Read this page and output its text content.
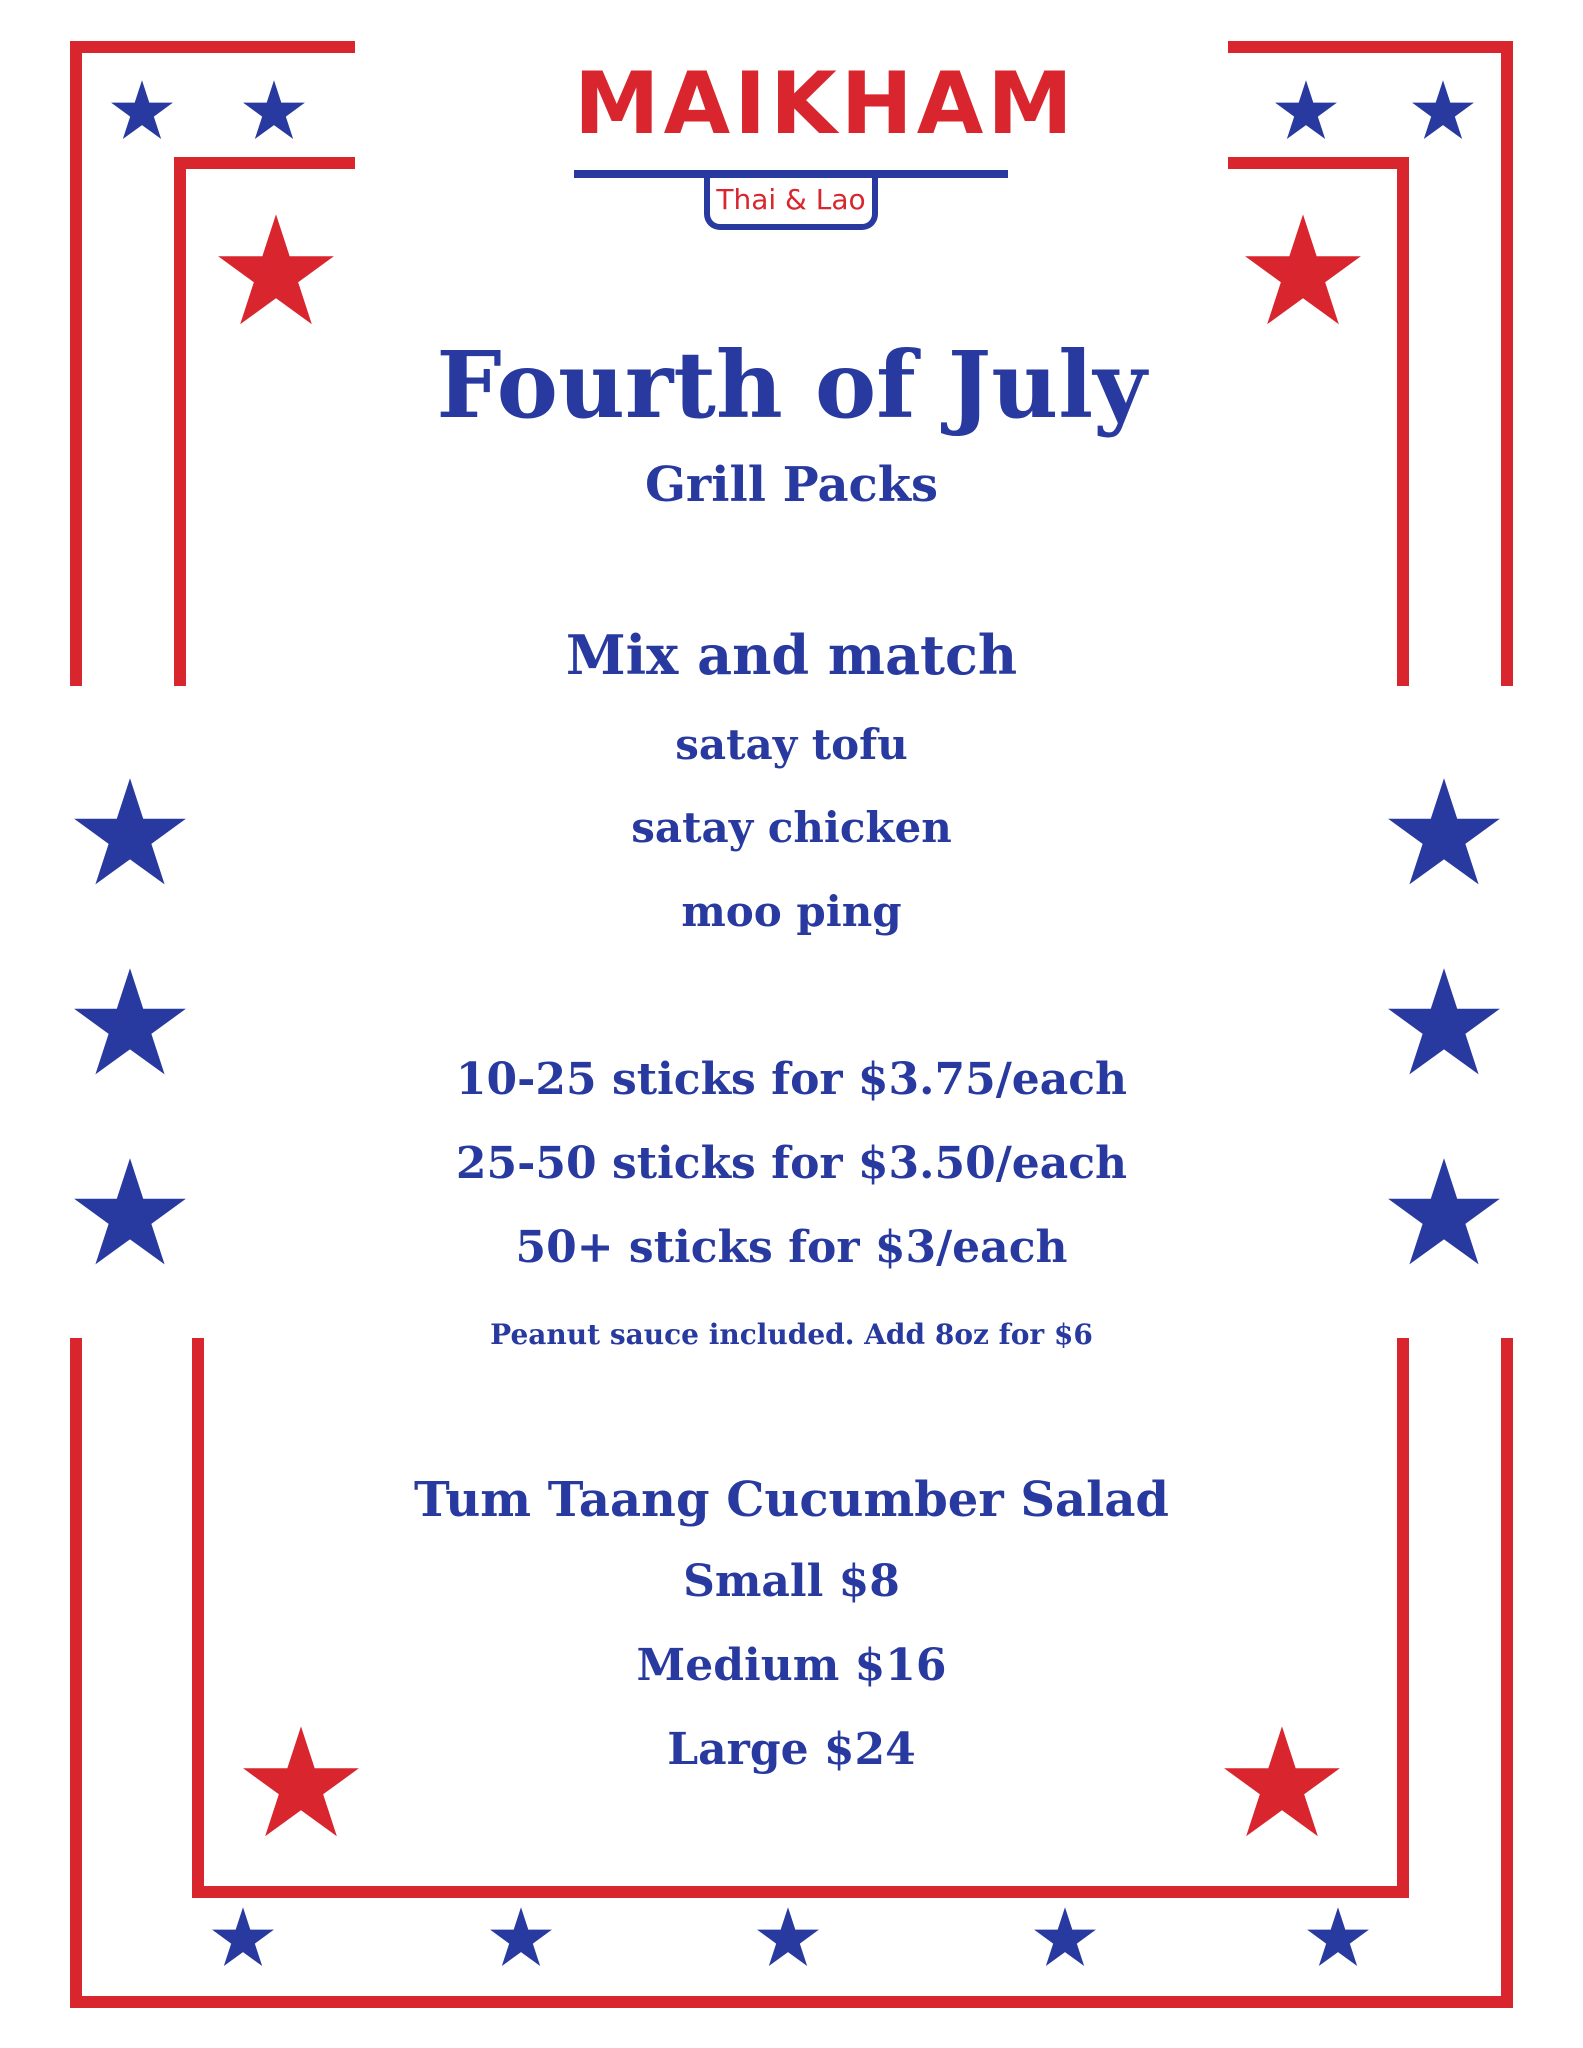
MAIKHAM
Thai & Lao
Fourth of July
Grill Packs
Mix and match
satay tofu
satay chicken
moo ping
10-25 sticks for $3.75/each
25-50 sticks for $3.50/each
50+ sticks for $3/each
Peanut sauce included. Add 8oz for $6
Tum Taang Cucumber Salad
Small $8
Medium $16
Large $24
